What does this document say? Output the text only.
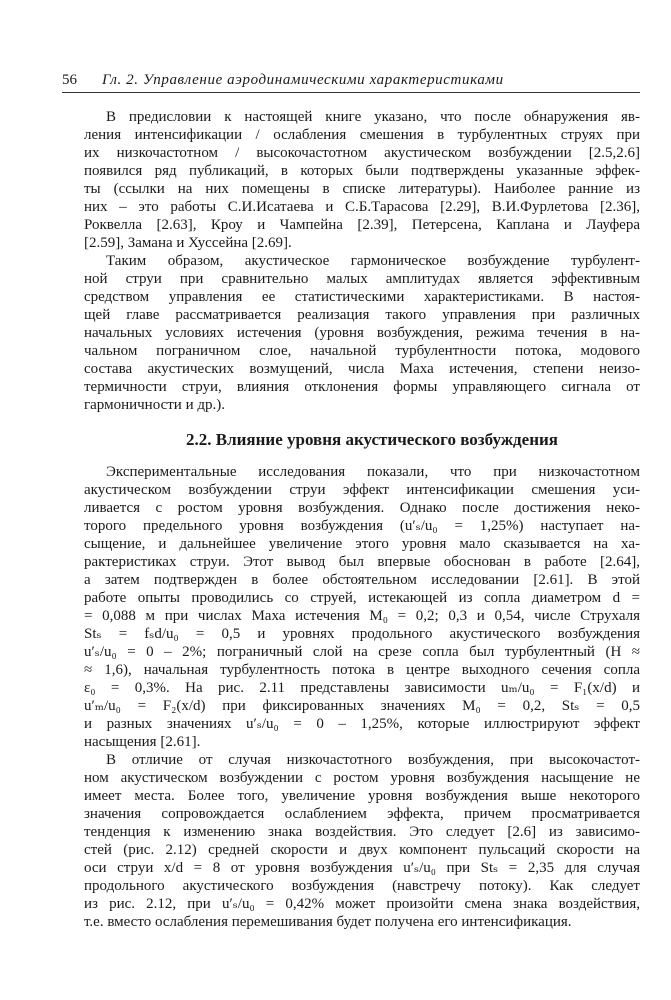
56 Гл. 2. Управление аэродинамическими характеристиками
В предисловии к настоящей книге указано, что после обнаружения яв-
ления интенсификации / ослабления смешения в турбулентных струях при
их низкочастотном / высокочастотном акустическом возбуждении [2.5,2.6]
появился ряд публикаций, в которых были подтверждены указанные эффек-
ты (ссылки на них помещены в списке литературы). Наиболее ранние из
них – это работы С.И.Исатаева и С.Б.Тарасова [2.29], В.И.Фурлетова [2.36],
Роквелла [2.63], Кроу и Чампейна [2.39], Петерсена, Каплана и Лауфера
[2.59], Замана и Хуссейна [2.69].
Таким образом, акустическое гармоническое возбуждение турбулент-
ной струи при сравнительно малых амплитудах является эффективным
средством управления ее статистическими характеристиками. В настоя-
щей главе рассматривается реализация такого управления при различных
начальных условиях истечения (уровня возбуждения, режима течения в на-
чальном пограничном слое, начальной турбулентности потока, модового
состава акустических возмущений, числа Маха истечения, степени неизо-
термичности струи, влияния отклонения формы управляющего сигнала от
гармоничности и др.).
2.2. Влияние уровня акустического возбуждения
Экспериментальные исследования показали, что при низкочастотном
акустическом возбуждении струи эффект интенсификации смешения уси-
ливается с ростом уровня возбуждения. Однако после достижения неко-
торого предельного уровня возбуждения (u′ₛ/u₀ = 1,25%) наступает на-
сыщение, и дальнейшее увеличение этого уровня мало сказывается на ха-
рактеристиках струи. Этот вывод был впервые обоснован в работе [2.64],
а затем подтвержден в более обстоятельном исследовании [2.61]. В этой
работе опыты проводились со струей, истекающей из сопла диаметром d =
= 0,088 м при числах Маха истечения M₀ = 0,2; 0,3 и 0,54, числе Струхаля
Stₛ = fₛd/u₀ = 0,5 и уровнях продольного акустического возбуждения
u′ₛ/u₀ = 0 – 2%; пограничный слой на срезе сопла был турбулентный (H ≈
≈ 1,6), начальная турбулентность потока в центре выходного сечения сопла
ε₀ = 0,3%. На рис. 2.11 представлены зависимости uₘ/u₀ = F₁(x/d) и
u′ₘ/u₀ = F₂(x/d) при фиксированных значениях M₀ = 0,2, Stₛ = 0,5
и разных значениях u′ₛ/u₀ = 0 – 1,25%, которые иллюстрируют эффект
насыщения [2.61].
В отличие от случая низкочастотного возбуждения, при высокочастот-
ном акустическом возбуждении с ростом уровня возбуждения насыщение не
имеет места. Более того, увеличение уровня возбуждения выше некоторого
значения сопровождается ослаблением эффекта, причем просматривается
тенденция к изменению знака воздействия. Это следует [2.6] из зависимо-
стей (рис. 2.12) средней скорости и двух компонент пульсаций скорости на
оси струи x/d = 8 от уровня возбуждения u′ₛ/u₀ при Stₛ = 2,35 для случая
продольного акустического возбуждения (навстречу потоку). Как следует
из рис. 2.12, при u′ₛ/u₀ = 0,42% может произойти смена знака воздействия,
т.е. вместо ослабления перемешивания будет получена его интенсификация.
